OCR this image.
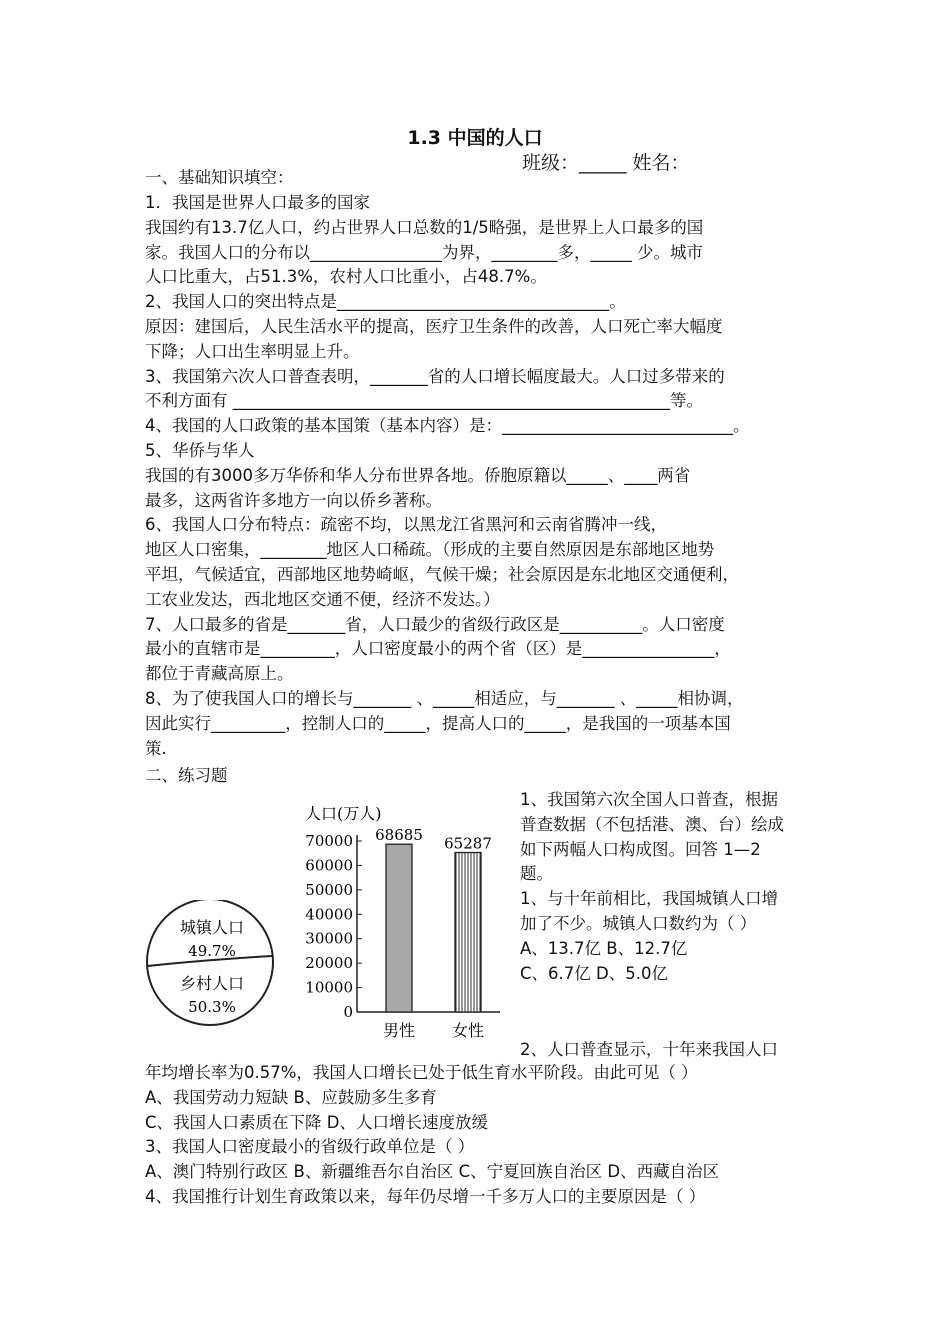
1.3 中国的人口
班级：_____ 姓名：
一、基础知识填空：
1．我国是世界人口最多的国家
我国约有13.7亿人口，约占世界人口总数的1/5略强，是世界上人口最多的国
家。我国人口的分布以________________为界，________多，_____ 少。城市
人口比重大，占51.3%，农村人口比重小，占48.7%。
2、我国人口的突出特点是_________________________________。
原因：建国后，人民生活水平的提高，医疗卫生条件的改善，人口死亡率大幅度
下降；人口出生率明显上升。
3、我国第六次人口普查表明，_______省的人口增长幅度最大。人口过多带来的
不利方面有 _____________________________________________________等。
4、我国的人口政策的基本国策（基本内容）是：____________________________。
5、华侨与华人
我国的有3000多万华侨和华人分布世界各地。侨胞原籍以_____、____两省
最多，这两省许多地方一向以侨乡著称。
6、我国人口分布特点：疏密不均，以黑龙江省黑河和云南省腾冲一线，
地区人口密集，________地区人口稀疏。（形成的主要自然原因是东部地区地势
平坦，气候适宜，西部地区地势崎岖，气候干燥；社会原因是东北地区交通便利，
工农业发达，西北地区交通不便，经济不发达。）
7、人口最多的省是_______省，人口最少的省级行政区是__________。人口密度
最小的直辖市是_________，人口密度最小的两个省（区）是________________，
都位于青藏高原上。
8、为了使我国人口的增长与_______ 、_____相适应，与_______ 、_____相协调，
因此实行_________，控制人口的_____，提高人口的_____，是我国的一项基本国
策.
二、练习题
城镇人口
49.7%
乡村人口
50.3%
人口(万人)
70000
60000
50000
40000
30000
20000
10000
0
68685
男性
65287
女性
1、我国第六次全国人口普查，根据
普查数据（不包括港、澳、台）绘成
如下两幅人口构成图。回答 1—2
题。
1、与十年前相比，我国城镇人口增
加了不少。城镇人口数约为（ ）
A、13.7亿 B、12.7亿
C、6.7亿 D、5.0亿
2、人口普查显示，十年来我国人口
年均增长率为0.57%，我国人口增长已处于低生育水平阶段。由此可见（ ）
A、我国劳动力短缺 B、应鼓励多生多育
C、我国人口素质在下降 D、人口增长速度放缓
3、我国人口密度最小的省级行政单位是（ ）
A、澳门特别行政区 B、新疆维吾尔自治区 C、宁夏回族自治区 D、西藏自治区
4、我国推行计划生育政策以来，每年仍尽增一千多万人口的主要原因是（ ）
